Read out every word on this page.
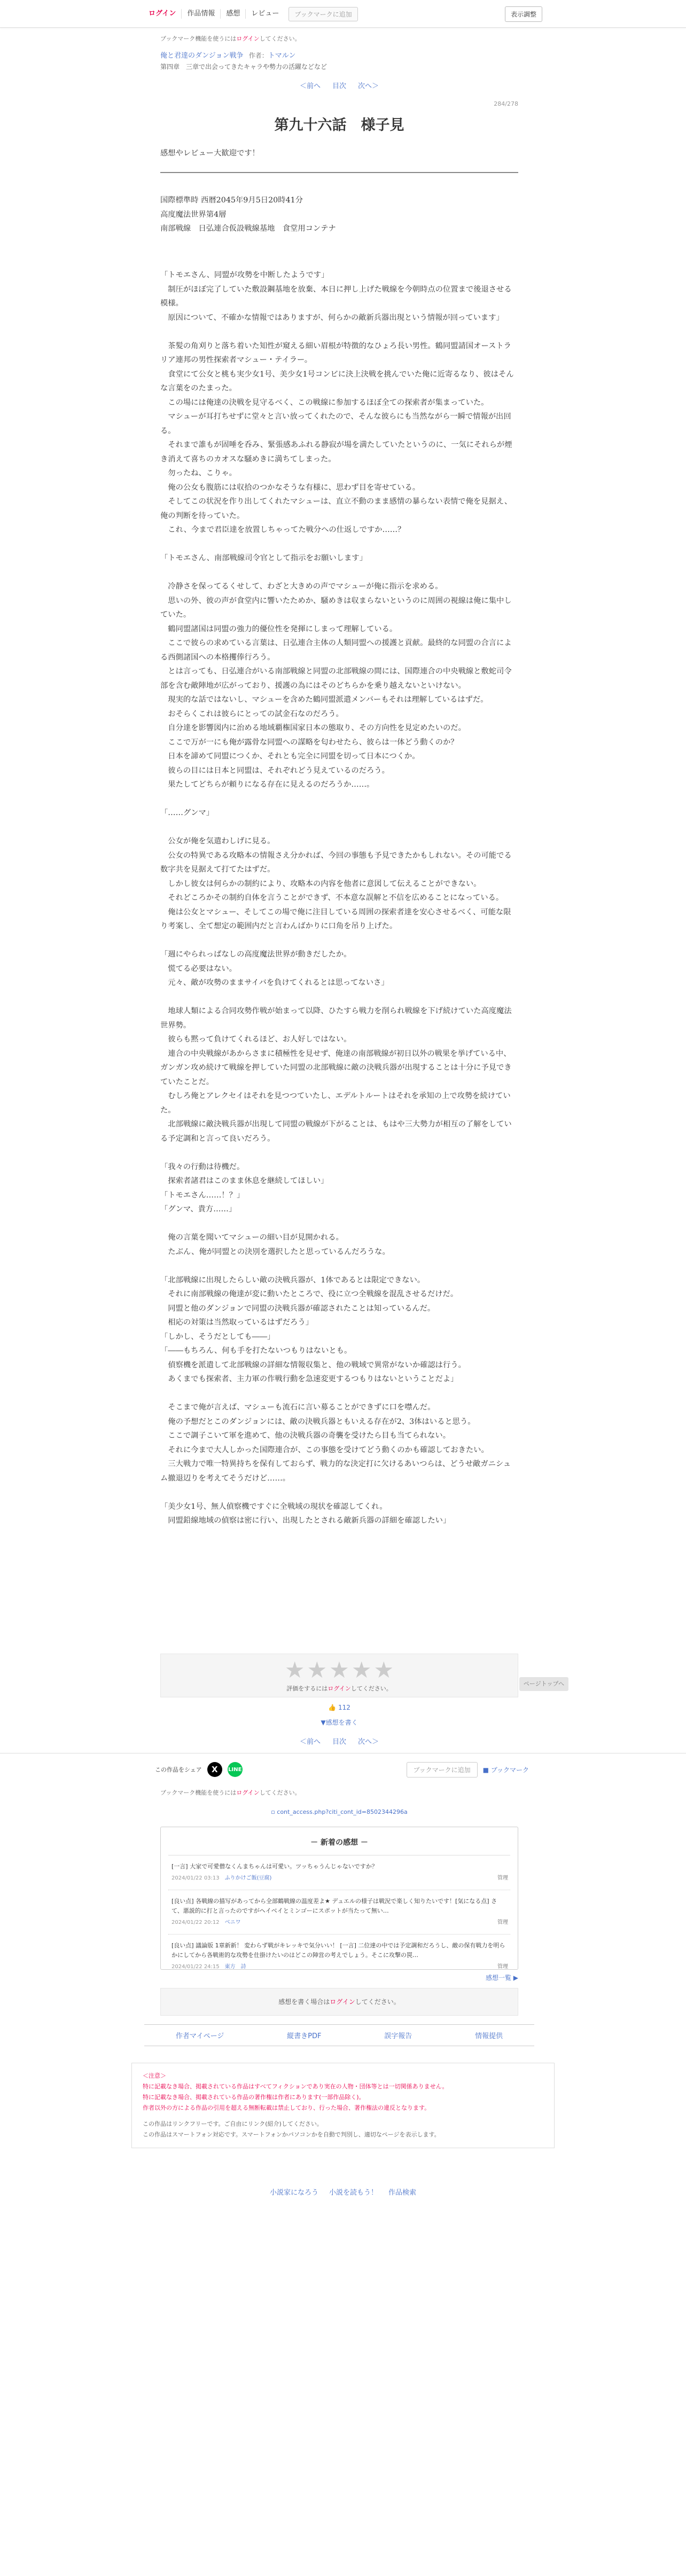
ログイン	作品情報	感想	レビュー	ブックマークに追加	表示調整
ブックマーク機能を使うにはログインしてください。
俺と君達のダンジョン戦争 作者：トマルン
第四章　三章で出会ってきたキャラや勢力の活躍などなど
＜前へ 目次 次へ＞
284/278
第九十六話　様子見

感想やレビュー大歓迎です！

国際標準時 西暦2045年9月5日20時41分
高度魔法世界第4層
南部戦線　日弘連合仮設戦線基地　食堂用コンテナ

「トモエさん、同盟が攻勢を中断したようです」
　制圧がほぼ完了していた敷設鋼基地を放棄、本日に押し上げた戦線を今朝時点の位置まで後退させる模様。
　原因について、不確かな情報ではありますが、何らかの敵新兵器出現という情報が回っています」

　茶髪の角刈りと落ち着いた知性が窺える細い眉根が特徴的なひょろ長い男性。鶴同盟請国オーストラリア連邦の男性探索者マシュー・テイラー。
　食堂にて公女と桃も実少女1号、美少女1号コンビに決上決戦を挑んでいた俺に近寄るなり、彼はそんな言葉をのたまった。
　この場には俺達の決戦を見守るべく、この戦線に参加するほぼ全ての探索者が集まっていた。
　マシューが耳打ちせずに堂々と言い放ってくれたので、そんな彼らにも当然ながら一瞬で情報が出回る。
　それまで誰もが固唾を呑み、緊張感あふれる静寂が場を満たしていたというのに、一気にそれらが煙き消えて喜ちのカオスな騒めきに満ちてしまった。
　勿ったね、こりゃ。
　俺の公女も腹筋には収拾のつかなそうな有様に、思わず目を寄せている。
　そしてこの状況を作り出してくれたマシューは、直立不動のまま感情の暴らない表情で俺を見据え、俺の判断を待っていた。
　これ、今まで君臣達を放置しちゃってた戦分への仕返しですか……？

「トモエさん、南部戦線司令官として指示をお願いします」

　冷静さを保ってるくせして、わざと大きめの声でマシューが俺に指示を求める。
　思いの外、彼の声が食堂内に響いたためか、騒めきは収まらないというのに周囲の視線は俺に集中していた。
　鶴同盟諸国は同盟の強力的優位性を発揮にしまって理解している。
　ここで彼らの求めている言葉は、日弘連合主体の人類同盟への援護と貢献。最終的な同盟の合言による西側諸国への本格攫俸行ろう。
　とは言っても、日弘連合がいる南部戦線と同盟の北部戦線の間には、国際連合の中央戦線と敷蛇司令部を含む敵陣地が広がっており、援護の為にはそのどちらかを乗り越えないといけない。
　現実的な話ではないし、マシューを含めた鶴同盟派遣メンバーもそれは理解しているはずだ。
　おそらくこれは彼らにとっての試金石なのだろう。
　自分達を影響図内に治める地域覇権国家日本の態取り、その方向性を見定めたいのだ。
　ここで万が一にも俺が露骨な同盟への謀略を匂わせたら、彼らは一体どう動くのか？
　日本を諦めて同盟につくか、それとも完全に同盟を切って日本につくか。
　彼らの目には日本と同盟は、それぞれどう見えているのだろう。
　果たしてどちらが頼りになる存在に見えるのだろうか……。

「……グンマ」

　公女が俺を気遣わしげに見る。
　公女の特異である攻略本の情報さえ分かれば、今回の事態も予見できたかもしれない。その可能でる数字共を見据えて打てたはずだ。
　しかし彼女は何らかの制約により、攻略本の内容を他者に意図して伝えることができない。
　それどころかその制約自体を言うことができず、不本意な誤解と不信を広めることになっている。
　俺は公女とマシュー、そしてこの場で俺に注目している周囲の探索者達を安心させるべく、可能な限り考案し、全て想定の範囲内だと言わんばかりに口角を吊り上げた。

「週にやられっぱなしの高度魔法世界が動きだしたか。
　慌てる必要はない。
　元々、敵が攻勢のままサイバを負けてくれるとは思ってないさ」

　地球人類による合同攻勢作戦が始まって以降、ひたすら戦力を削られ戦線を下げ続けていた高度魔法世界勢。
　彼らも黙って負けてくれるほど、お人好しではない。
　連合の中央戦線があからさまに積極性を見せず、俺達の南部戦線が初日以外の戦果を挙げている中、ガンガン攻め続けて戦線を押していた同盟の北部戦線に敵の決戦兵器が出現することは十分に予見できていたことだ。
　むしろ俺とアレクセイはそれを見つつていたし、エデルトルートはそれを承知の上で攻勢を続けていた。
　北部戦線に敵決戦兵器が出現して同盟の戦線が下がることは、もはや三大勢力が相互の了解をしている予定調和と言って良いだろう。

「我々の行動は待機だ。
　探索者諸君はこのまま休息を継続してほしい」
「トモエさん……！？」
「グンマ、貴方……」

　俺の言葉を聞いてマシューの細い目が見開かれる。
　たぶん、俺が同盟との決別を選択したと思っているんだろうな。

「北部戦線に出現したらしい敵の決戦兵器が、1体であるとは限定できない。
　それに南部戦線の俺達が変に動いたところで、役に立つ全戦線を混乱させるだけだ。
　同盟と他のダンジョンで同盟の決戦兵器が確認されたことは知っているんだ。
　相応の対策は当然取っているはずだろう」
「しかし、そうだとしても――」
「――もちろん、何も手を打たないつもりはないとも。
　偵察機を派遣して北部戦線の詳細な情報収集と、他の戦域で異常がないか確認は行う。
　あくまでも探索者、主力軍の作戦行動を急速変更するつもりはないということだよ」

　そこまで俺が言えば、マシューも流石に言い募ることができずに口を噤んだ。
　俺の予想だとこのダンジョンには、敵の決戦兵器ともいえる存在が2、3体はいると思う。
　ここで調子こいて軍を進めて、他の決戦兵器の奇襲を受けたら目も当てられない。
　それに今まで大人しかった国際連合が、この事態を受けてどう動くのかも確認しておきたい。
　三大戦力で唯一特異持ちを保有しておらず、戦力的な決定打に欠けるあいつらは、どうせ敵ガニシュム撤退辺りを考えてそうだけど……。

「美少女1号、無人偵察機ですぐに全戦域の現状を確認してくれ。
　同盟鉛線地域の偵察は密に行い、出現したとされる敵新兵器の詳細を確認したい」
★ ★ ★ ★ ★
評価をするにはログインしてください。
👍 112
▼感想を書く
＜前へ 目次 次へ＞
この作品をシェア	X	LINE	ブックマークに追加	■ ブックマーク
ブックマーク機能を使うにはログインしてください。
▫ cont_access.php?citi_cont_id=8502344296a
－ 新着の感想 －
[一言] 大家で可愛僧なくんまちゃんは可愛い。ツッちゃうんじゃないですか？
2024/01/22 03:13　 ふりかけご飯(豆腐)	管理
[良い点] 各戦線の描写があってから全部鶴戦線の温度差よ★ デュエルの様子は戦況で楽しく知りたいです！[気になる点] さて、悪説的に打と言ったのですがヘイベイとミンゴーにスポットが当たって無い…
2024/01/22 20:12　 ベニワ	管理
[良い点] 議論版 1章新新！ 変わらず戦がキレッキで気分いい！ [一言] 二位達の中では予定調和だろうし、敵の保有戦力を明らかにしてから各戦術的な攻勢を仕掛けたいのはどこの陣営の考えでしょう。そこに攻撃の罠…
2024/01/22 24:15　 東方　詩	管理
感想一覧 ▶
感想を書く場合はログインしてください。
作者マイページ	縦書きPDF	誤字報告	情報提供
＜注意＞
特に記載なき場合、掲載されている作品はすべてフィクションであり実在の人物・団体等とは一切関係ありません。
特に記載なき場合、掲載されている作品の著作権は作者にあります(一部作品除く)。
作者以外の方による作品の引用を超える無断転載は禁止しており、行った場合、著作権法の違反となります。
この作品はリンクフリーです。ご自由にリンク(紹介)してください。
この作品はスマートフォン対応です。スマートフォンかパソコンかを自動で判別し、適切なページを表示します。
小説家になろう 小説を読もう！ 作品検索
ページトップへ
